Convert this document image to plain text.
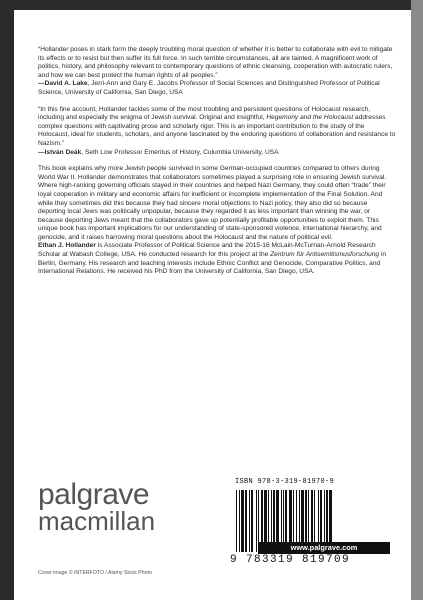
“Hollander poses in stark form the deeply troubling moral question of whether it is better to collaborate with evil to mitigate its effects or to resist but then suffer its full force. In such terrible circumstances, all are tainted. A magnificent work of politics, history, and philosophy relevant to contemporary questions of ethnic cleansing, cooperation with autocratic rulers, and how we can best protect the human rights of all peoples.”

—David A. Lake, Jerri-Ann and Gary E. Jacobs Professor of Social Sciences and Distinguished Professor of Political Science, University of California, San Diego, USA

“In this fine account, Hollander tackles some of the most troubling and persistent questions of Holocaust research, including and especially the enigma of Jewish survival. Original and insightful, Hegemony and the Holocaust addresses complex questions with captivating prose and scholarly rigor. This is an important contribution to the study of the Holocaust, ideal for students, scholars, and anyone fascinated by the enduring questions of collaboration and resistance to Nazism.”

—István Deák, Seth Low Professor Emeritus of History, Columbia University, USA

This book explains why more Jewish people survived in some German-occupied countries compared to others during World War II. Hollander demonstrates that collaborators sometimes played a surprising role in ensuring Jewish survival. Where high-ranking governing officials stayed in their countries and helped Nazi Germany, they could often “trade” their loyal cooperation in military and economic affairs for inefficient or incomplete implementation of the Final Solution. And while they sometimes did this because they had sincere moral objections to Nazi policy, they also did so because deporting local Jews was politically unpopular, because they regarded it as less important than winning the war, or because deporting Jews meant that the collaborators gave up potentially profitable opportunities to exploit them. This unique book has important implications for our understanding of state-sponsored violence, international hierarchy, and genocide, and it raises harrowing moral questions about the Holocaust and the nature of political evil.

Ethan J. Hollander is Associate Professor of Political Science and the 2015-16 McLain-McTurnan-Arnold Research Scholar at Wabash College, USA. He conducted research for this project at the Zentrum für Antisemitismusforschung in Berlin, Germany. His research and teaching interests include Ethnic Conflict and Genocide, Comparative Politics, and International Relations. He received his PhD from the University of California, San Diego, USA.

palgrave
macmillan
Cover image © INTERFOTO / Alamy Stock Photo
ISBN 978-3-319-81970-9
9 783319 819709
www.palgrave.com
